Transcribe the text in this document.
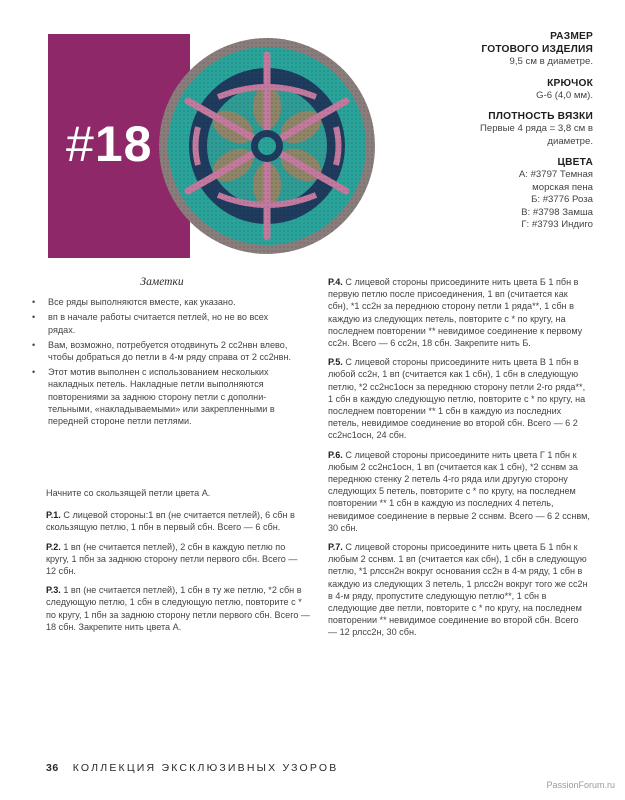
#18
РАЗМЕР
ГОТОВОГО ИЗДЕЛИЯ
9,5 см в диаметре.
КРЮЧОК
G-6 (4,0 мм).
ПЛОТНОСТЬ ВЯЗКИ
Первые 4 ряда = 3,8 см в
диаметре.
ЦВЕТА
А: #3797 Темная
морская пена
Б: #3776 Роза
В: #3798 Замша
Г: #3793 Индиго
Заметки
• Все ряды выполняются вместе, как указано.
• вп в начале работы считается петлей, но не во всех рядах.
• Вам, возможно, потребуется отодвинуть 2 сс2нвн влево, чтобы добраться до петли в 4-м ряду справа от 2 сс2нвн.
• Этот мотив выполнен с использованием нескольких накладных петель. Накладные петли выполняются повторениями за заднюю сторону петли с дополнительными, «накладываемыми» или закрепленными в передней стороне петли петлями.
Начните со скользящей петли цвета А.
Р.1. С лицевой стороны:1 вп (не считается петлей), 6 сбн в скользящую петлю, 1 пбн в первый сбн. Всего — 6 сбн.
Р.2. 1 вп (не считается петлей), 2 сбн в каждую петлю по кругу, 1 пбн за заднюю сторону петли первого сбн. Всего — 12 сбн.
Р.3. 1 вп (не считается петлей), 1 сбн в ту же петлю, *2 сбн в следующую петлю, 1 сбн в следующую петлю, повторите с * по кругу, 1 пбн за заднюю сторону петли первого сбн. Всего — 18 сбн. Закрепите нить цвета А.
Р.4. С лицевой стороны присоедините нить цвета Б 1 пбн в первую петлю после присоединения, 1 вп (считается как сбн), *1 сс2н за переднюю сторону петли 1 ряда**, 1 сбн в каждую из следующих петель, повторите с * по кругу, на последнем повторении ** невидимое соединение к первому сс2н. Всего — 6 сс2н, 18 сбн. Закрепите нить Б.
Р.5. С лицевой стороны присоедините нить цвета В 1 пбн в любой сс2н, 1 вп (считается как 1 сбн), 1 сбн в следующую петлю, *2 сс2нс1осн за переднюю сторону петли 2-го ряда**, 1 сбн в каждую следующую петлю, повторите с * по кругу, на последнем повторении ** 1 сбн в каждую из последних петель, невидимое соединение во второй сбн. Всего — 6 2 сс2нс1осн, 24 сбн.
Р.6. С лицевой стороны присоедините нить цвета Г 1 пбн к любым 2 сс2нс1осн, 1 вп (считается как 1 сбн), *2 сснвм за переднюю стенку 2 петель 4-го ряда или другую сторону следующих 5 петель, повторите с * по кругу, на последнем повторении ** 1 сбн в каждую из последних 4 петель, невидимое соединение в первые 2 сснвм. Всего — 6 2 сснвм, 30 сбн.
Р.7. С лицевой стороны присоедините нить цвета Б 1 пбн к любым 2 сснвм. 1 вп (считается как сбн), 1 сбн в следующую петлю, *1 рлссн2н вокруг основания сс2н в 4-м ряду, 1 сбн в каждую из следующих 3 петель, 1 рлсс2н вокруг того же сс2н в 4-м ряду, пропустите следующую петлю**, 1 сбн в следующие две петли, повторите с * по кругу, на последнем повторении ** невидимое соединение во второй сбн. Всего — 12 рлсс2н, 30 сбн.
36 КОЛЛЕКЦИЯ ЭКСКЛЮЗИВНЫХ УЗОРОВ
PassionForum.ru
